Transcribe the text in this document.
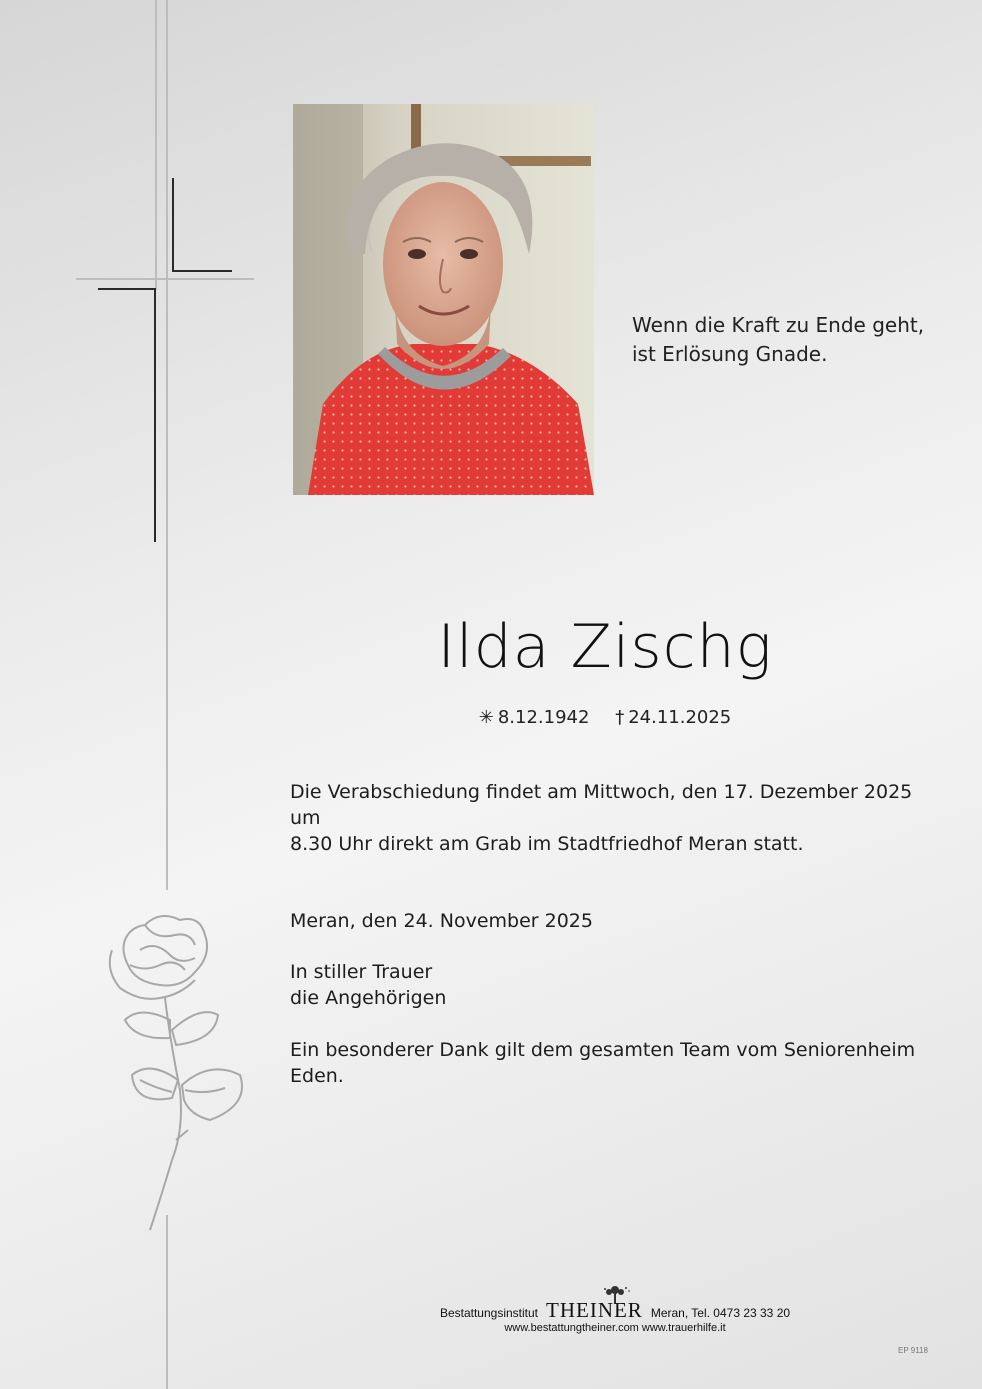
Wenn die Kraft zu Ende geht,
ist Erlösung Gnade.
Ilda Zischg
✳ 8.12.1942 † 24.11.2025
Die Verabschiedung findet am Mittwoch, den 17. Dezember 2025 um
8.30 Uhr direkt am Grab im Stadtfriedhof Meran statt.
Meran, den 24. November 2025
In stiller Trauer
die Angehörigen
Ein besonderer Dank gilt dem gesamten Team vom Seniorenheim
Eden.
Bestattungsinstitut THEINER Meran, Tel. 0473 23 33 20
www.bestattungtheiner.com www.trauerhilfe.it
EP 9118
